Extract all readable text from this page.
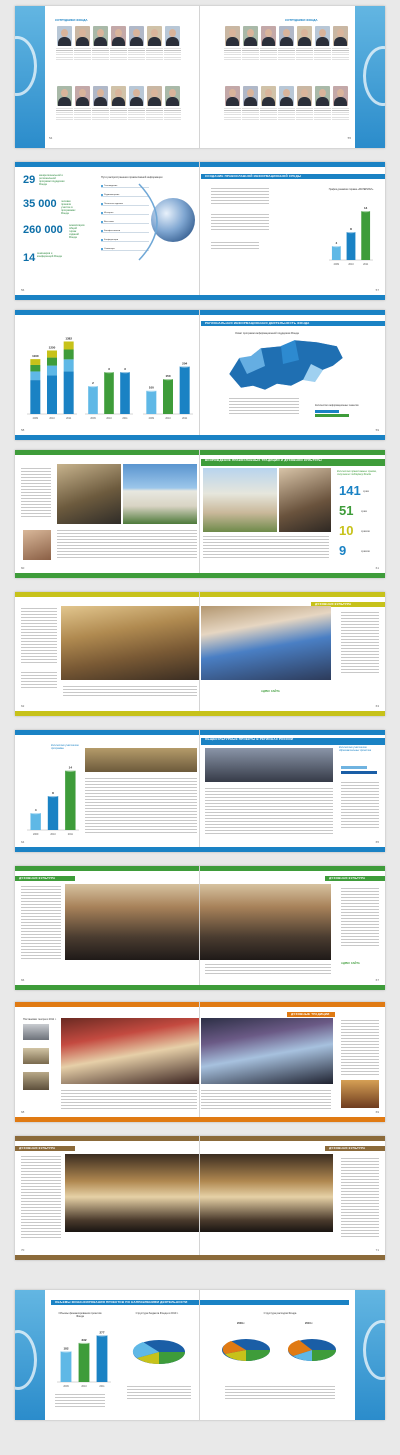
СОТРУДНИКИ ФОНДА	СОТРУДНИКИ ФОНДА
54	55
СОЗДАНИЕ ПРАВОСЛАВНОЙ ИНФОРМАЦИОННОЙ СРЕДЫ
29 межрегиональной и региональной программ поддержки Фонда
35 000 человек приняли участие в программах Фонда
260 000 экземпляров общий тираж изданий Фонда
14 семинаров и конференций Фонда
Пути распространения православной информации
Телевидение
Радиовещание
Печатные издания
Интернет
Выставки
Кинофестивали
Конференции
Семинары
График динамики тиража «МАТЕРИАЛ»
4
2009
8
2010
14
2011
56	57
РЕГИОНАЛЬНАЯ ИНФОРМАЦИОННАЯ ДЕЯТЕЛЬНОСТЬ ФОНДА
1100
2009
1250
2010
1382
2011
2
2009
3
2010
3
2011
100
2009
150
2010
204
2011
Охват программ информационной поддержки Фонда
Количество информационных сюжетов
58	59
ВОЗРОЖДЕНИЕ ПРАВОСЛАВНЫХ ТРАДИЦИЙ И ДУХОВНОЙ КУЛЬТУРЫ
Количество православных храмов, получивших поддержку Фонда
141 храм
51	храм
10	храмов
9	храмов
60	61
ДУХОВНАЯ КУЛЬТУРА
АДРЕС САЙТА
62	63
ОБЩЕКУЛЬТУРНЫЕ ПРОЕКТЫ В РЕГИОНАХ РОССИИ
Количество участников программы
4
2009
8
2010
14
2011
Количество участников образовательных проектов
64	65
ДУХОВНАЯ КУЛЬТУРА	ДУХОВНАЯ КУЛЬТУРА
АДРЕС САЙТА
66	67
ДУХОВНЫЕ ТРАДИЦИИ
Постановки театра в 2011 г.
68	69
ДУХОВНАЯ КУЛЬТУРА	ДУХОВНАЯ КУЛЬТУРА
70	71
ОБЪЕМЫ ФИНАНСИРОВАНИЯ ПРОЕКТОВ ПО НАПРАВЛЕНИЯМ ДЕЯТЕЛЬНОСТИ
Объемы финансирования проектов Фонда
182
2009
232
2010
277
2011
Структура бюджета Фонда в 2010 г.	Структура расходов Фонда
2009 г.	2010 г.
